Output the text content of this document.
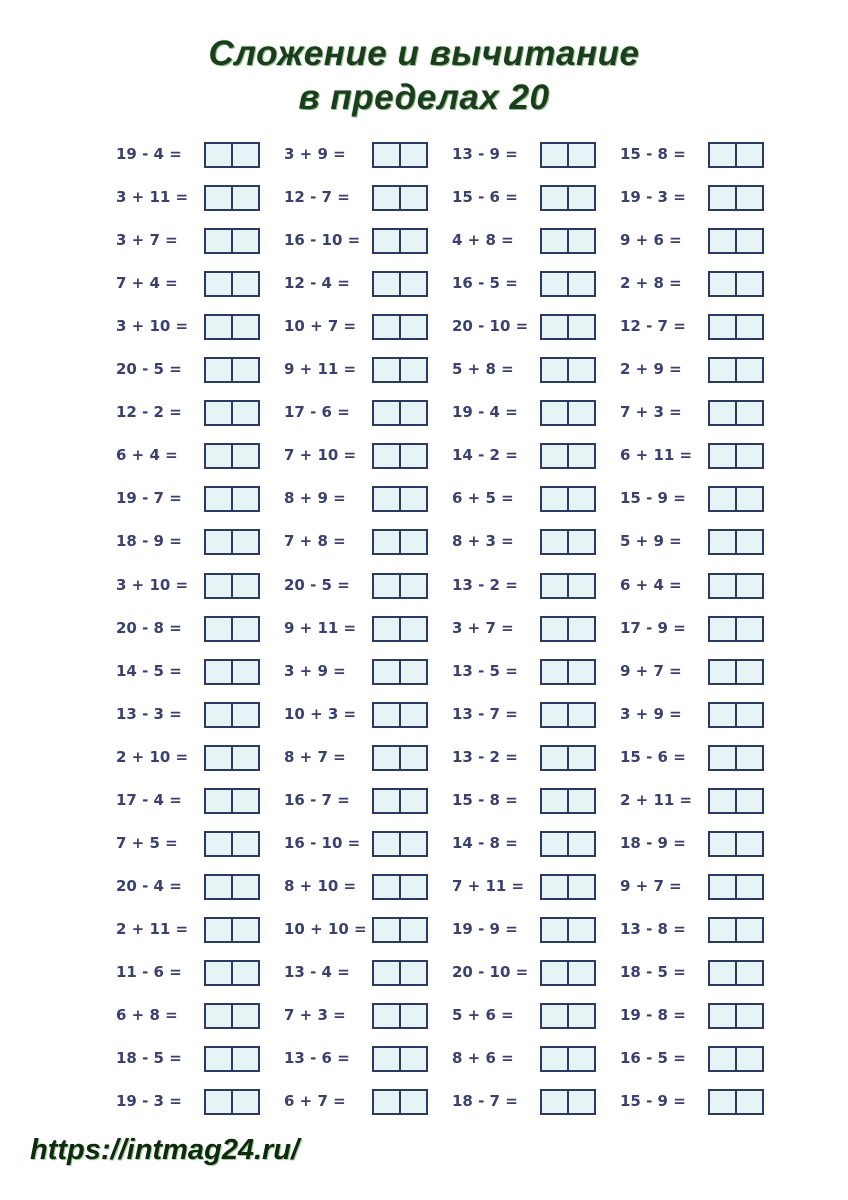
Сложение и вычитание
в пределах 20
19 - 4 =
3 + 11 =
3 + 7 =
7 + 4 =
3 + 10 =
20 - 5 =
12 - 2 =
6 + 4 =
19 - 7 =
18 - 9 =
3 + 10 =
20 - 8 =
14 - 5 =
13 - 3 =
2 + 10 =
17 - 4 =
7 + 5 =
20 - 4 =
2 + 11 =
11 - 6 =
6 + 8 =
18 - 5 =
19 - 3 =
3 + 9 =
12 - 7 =
16 - 10 =
12 - 4 =
10 + 7 =
9 + 11 =
17 - 6 =
7 + 10 =
8 + 9 =
7 + 8 =
20 - 5 =
9 + 11 =
3 + 9 =
10 + 3 =
8 + 7 =
16 - 7 =
16 - 10 =
8 + 10 =
10 + 10 =
13 - 4 =
7 + 3 =
13 - 6 =
6 + 7 =
13 - 9 =
15 - 6 =
4 + 8 =
16 - 5 =
20 - 10 =
5 + 8 =
19 - 4 =
14 - 2 =
6 + 5 =
8 + 3 =
13 - 2 =
3 + 7 =
13 - 5 =
13 - 7 =
13 - 2 =
15 - 8 =
14 - 8 =
7 + 11 =
19 - 9 =
20 - 10 =
5 + 6 =
8 + 6 =
18 - 7 =
15 - 8 =
19 - 3 =
9 + 6 =
2 + 8 =
12 - 7 =
2 + 9 =
7 + 3 =
6 + 11 =
15 - 9 =
5 + 9 =
6 + 4 =
17 - 9 =
9 + 7 =
3 + 9 =
15 - 6 =
2 + 11 =
18 - 9 =
9 + 7 =
13 - 8 =
18 - 5 =
19 - 8 =
16 - 5 =
15 - 9 =
https://intmag24.ru/
